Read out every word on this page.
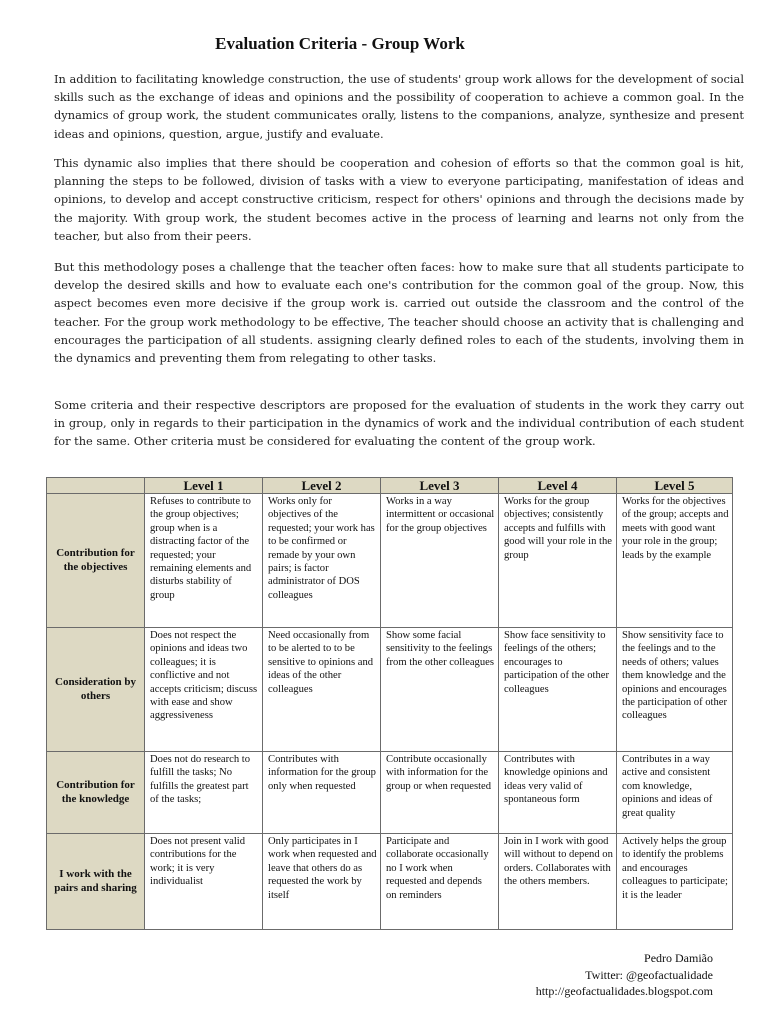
Evaluation Criteria - Group Work

In addition to facilitating knowledge construction, the use of students' group work allows for the development of social skills such as the exchange of ideas and opinions and the possibility of cooperation to achieve a common goal. In the dynamics of group work, the student communicates orally, listens to the companions, analyze, synthesize and present ideas and opinions, question, argue, justify and evaluate.

This dynamic also implies that there should be cooperation and cohesion of efforts so that the common goal is hit, planning the steps to be followed, division of tasks with a view to everyone participating, manifestation of ideas and opinions, to develop and accept constructive criticism, respect for others' opinions and through the decisions made by the majority. With group work, the student becomes active in the process of learning and learns not only from the teacher, but also from their peers.

But this methodology poses a challenge that the teacher often faces: how to make sure that all students participate to develop the desired skills and how to evaluate each one's contribution for the common goal of the group. Now, this aspect becomes even more decisive if the group work is. carried out outside the classroom and the control of the teacher. For the group work methodology to be effective, The teacher should choose an activity that is challenging and encourages the participation of all students. assigning clearly defined roles to each of the students, involving them in the dynamics and preventing them from relegating to other tasks.

Some criteria and their respective descriptors are proposed for the evaluation of students in the work they carry out in group, only in regards to their participation in the dynamics of work and the individual contribution of each student for the same. Other criteria must be considered for evaluating the content of the group work.

	Level 1	Level 2	Level 3	Level 4	Level 5
Contribution for the objectives	Refuses to contribute to the group objectives; group when is a distracting factor of the requested; your remaining elements and disturbs stability of group	Works only for objectives of the requested; your work has to be confirmed or remade by your own pairs; is factor administrator of DOS colleagues	Works in a way intermittent or occasional for the group objectives	Works for the group objectives; consistently accepts and fulfills with good will your role in the group	Works for the objectives of the group; accepts and meets with good want your role in the group; leads by the example
Consideration by others	Does not respect the opinions and ideas two colleagues; it is conflictive and not accepts criticism; discuss with ease and show aggressiveness	Need occasionally from to be alerted to to be sensitive to opinions and ideas of the other colleagues	Show some facial sensitivity to the feelings from the other colleagues	Show face sensitivity to feelings of the others; encourages to participation of the other colleagues	Show sensitivity face to the feelings and to the needs of others; values them knowledge and the opinions and encourages the participation of other colleagues
Contribution for the knowledge	Does not do research to fulfill the tasks; No fulfills the greatest part of the tasks;	Contributes with information for the group only when requested	Contribute occasionally with information for the group or when requested	Contributes with knowledge opinions and ideas very valid of spontaneous form	Contributes in a way active and consistent com knowledge, opinions and ideas of great quality
I work with the pairs and sharing	Does not present valid contributions for the work; it is very individualist	Only participates in I work when requested and leave that others do as requested the work by itself	Participate and collaborate occasionally no I work when requested and depends on reminders	Join in I work with good will without to depend on orders. Collaborates with the others members.	Actively helps the group to identify the problems and encourages colleagues to participate; it is the leader
Pedro Damião
Twitter: @geofactualidade
http://geofactualidades.blogspot.com
